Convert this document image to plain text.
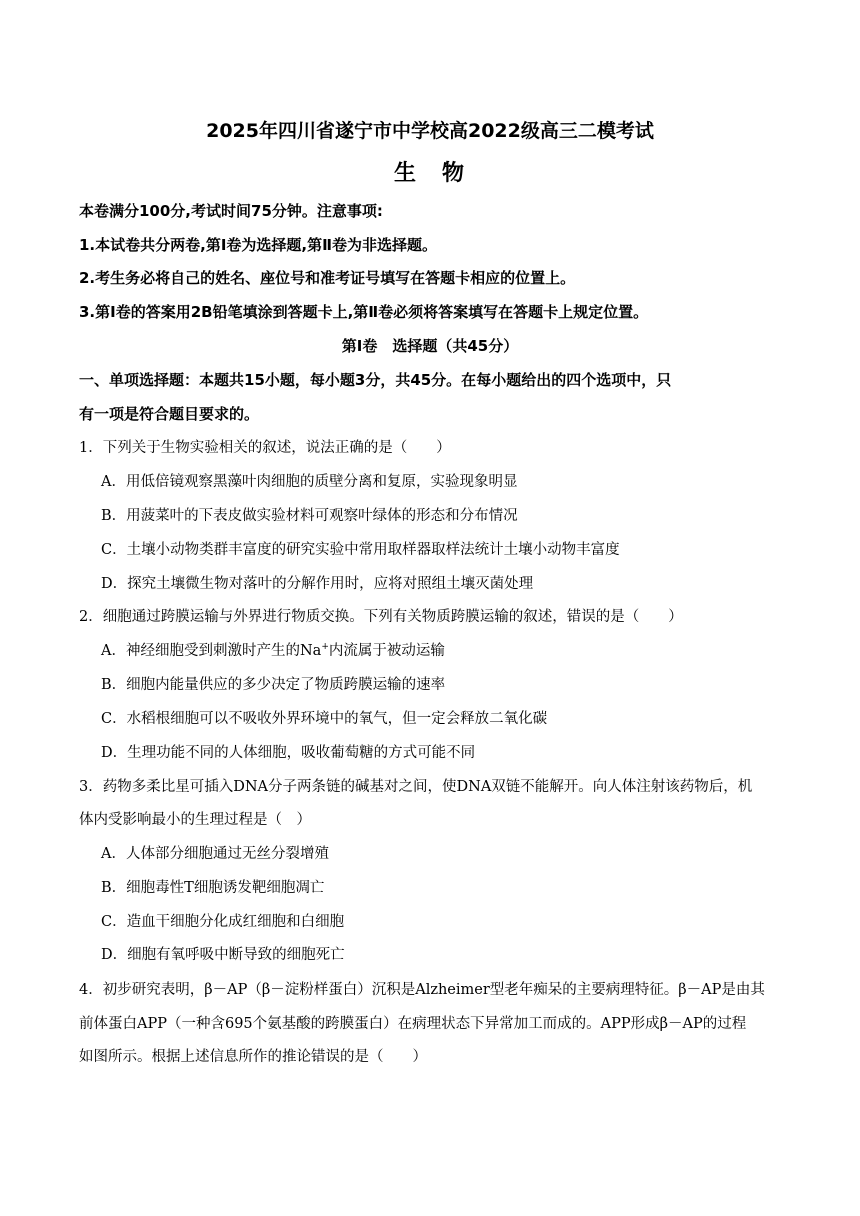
2025年四川省遂宁市中学校高2022级高三二模考试
生　物
本卷满分100分,考试时间75分钟。注意事项:
1.本试卷共分两卷,第Ⅰ卷为选择题,第Ⅱ卷为非选择题。
2.考生务必将自己的姓名、座位号和准考证号填写在答题卡相应的位置上。
3.第Ⅰ卷的答案用2B铅笔填涂到答题卡上,第Ⅱ卷必须将答案填写在答题卡上规定位置。
第Ⅰ卷　选择题（共45分）
一、单项选择题：本题共15小题，每小题3分，共45分。在每小题给出的四个选项中，只
有一项是符合题目要求的。
1．下列关于生物实验相关的叙述，说法正确的是（　　）
A．用低倍镜观察黑藻叶肉细胞的质壁分离和复原，实验现象明显
B．用菠菜叶的下表皮做实验材料可观察叶绿体的形态和分布情况
C．土壤小动物类群丰富度的研究实验中常用取样器取样法统计土壤小动物丰富度
D．探究土壤微生物对落叶的分解作用时，应将对照组土壤灭菌处理
2．细胞通过跨膜运输与外界进行物质交换。下列有关物质跨膜运输的叙述，错误的是（　　）
A．神经细胞受到刺激时产生的Na+内流属于被动运输
B．细胞内能量供应的多少决定了物质跨膜运输的速率
C．水稻根细胞可以不吸收外界环境中的氧气，但一定会释放二氧化碳
D．生理功能不同的人体细胞，吸收葡萄糖的方式可能不同
3．药物多柔比星可插入DNA分子两条链的碱基对之间，使DNA双链不能解开。向人体注射该药物后，机
体内受影响最小的生理过程是（　）
A．人体部分细胞通过无丝分裂增殖
B．细胞毒性T细胞诱发靶细胞凋亡
C．造血干细胞分化成红细胞和白细胞
D．细胞有氧呼吸中断导致的细胞死亡
4．初步研究表明，β－AP（β－淀粉样蛋白）沉积是Alzheimer型老年痴呆的主要病理特征。β－AP是由其
前体蛋白APP（一种含695个氨基酸的跨膜蛋白）在病理状态下异常加工而成的。APP形成β－AP的过程
如图所示。根据上述信息所作的推论错误的是（　　）
